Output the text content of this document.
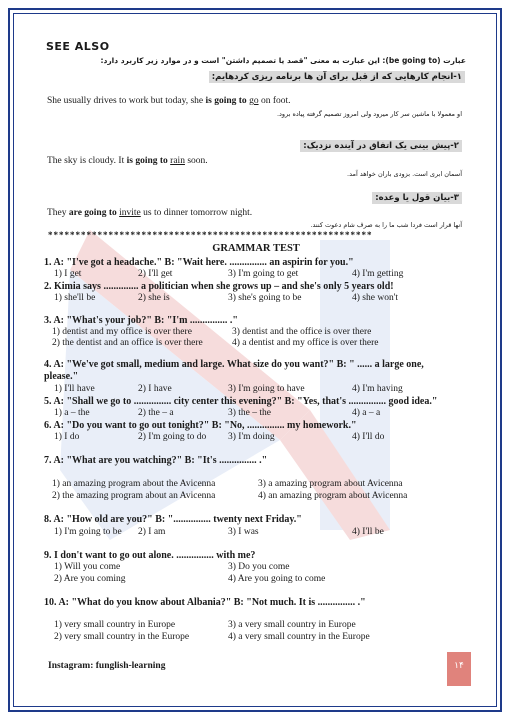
SEE ALSO
عبارت (be going to): این عبارت به معنی "قصد یا تصمیم داشتن" است و در موارد زیر کاربرد دارد:
۱-انجام کارهایی که از قبل برای آن ها برنامه ریزی کردهایم:
She usually drives to work but today, she is going to go on foot.
او معمولا با ماشین سر کار میرود ولی امروز تصمیم گرفته پیاده برود.
۲-پیش بینی یک اتفاق در آینده نزدیک:
The sky is cloudy. It is going to rain soon.
آسمان ابری است. بزودی باران خواهد آمد.
۳-بیان قول یا وعده:
They are going to invite us to dinner tomorrow night.
آنها قرار است فردا شب ما را به صرف شام دعوت کنند.
***********************************************************
GRAMMAR TEST
1. A: "I've got a headache." B: "Wait here. ............... an aspirin for you."
1) I get	2) I'll get	3) I'm going to get	4) I'm getting
2. Kimia says .............. a politician when she grows up – and she's only 5 years old!
1) she'll be	2) she is	3) she's going to be	4) she won't
3. A: "What's your job?" B: "I'm ............... ."
1) dentist and my office is over there	3) dentist and the office is over there
2) the dentist and an office is over there	4) a dentist and my office is over there
4. A: "We've got small, medium and large. What size do you want?" B: " ...... a large one,
please."
1) I'll have	2) I have	3) I'm going to have	4) I'm having
5. A: "Shall we go to ............... city center this evening?" B: "Yes, that's ............... good idea."
1) a – the	2) the – a	3) the – the	4) a – a
6. A: "Do you want to go out tonight?" B: "No, ............... my homework."
1) I do	2) I'm going to do 3) I'm doing	4) I'll do
7. A: "What are you watching?" B: "It's ............... ."
1) an amazing program about the Avicenna	3) a amazing program about Avicenna
2) the amazing program about an Avicenna	4) an amazing program about Avicenna
8. A: "How old are you?" B: "............... twenty next Friday."
1) I'm going to be 2) I am	3) I was	4) I'll be
9. I don't want to go out alone. ............... with me?
1) Will you come	3) Do you come
2) Are you coming	4) Are you going to come
10. A: "What do you know about Albania?" B: "Not much. It is ............... ."
1) very small country in Europe	3) a very small country in Europe
2) very small country in the Europe	4) a very small country in the Europe
Instagram: funglish-learning	۱۴
